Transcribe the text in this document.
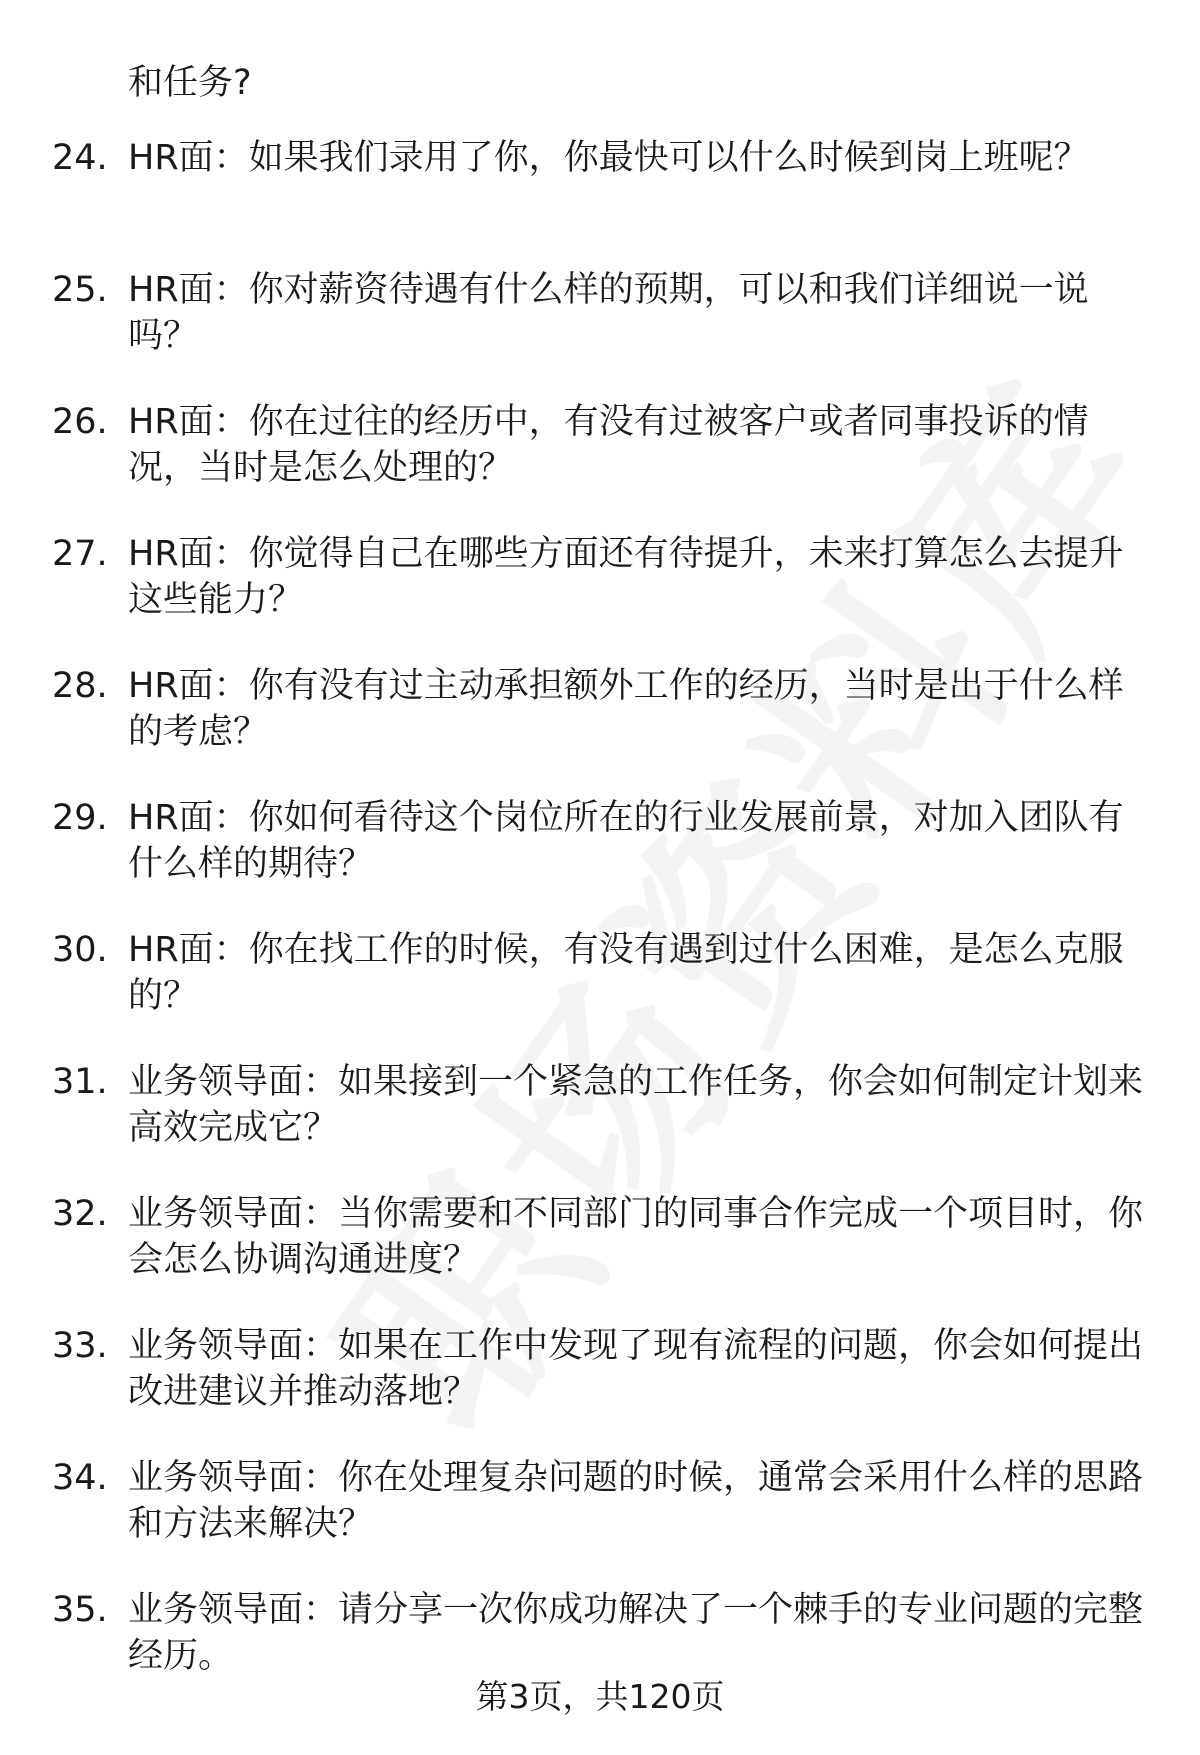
和任务?

24. HR面：如果我们录用了你，你最快可以什么时候到岗上班呢？
25. HR面：你对薪资待遇有什么样的预期，可以和我们详细说一说吗？
26. HR面：你在过往的经历中，有没有过被客户或者同事投诉的情况，当时是怎么处理的？
27. HR面：你觉得自己在哪些方面还有待提升，未来打算怎么去提升这些能力？
28. HR面：你有没有过主动承担额外工作的经历，当时是出于什么样的考虑？
29. HR面：你如何看待这个岗位所在的行业发展前景，对加入团队有什么样的期待？
30. HR面：你在找工作的时候，有没有遇到过什么困难，是怎么克服的？
31. 业务领导面：如果接到一个紧急的工作任务，你会如何制定计划来高效完成它？
32. 业务领导面：当你需要和不同部门的同事合作完成一个项目时，你会怎么协调沟通进度？
33. 业务领导面：如果在工作中发现了现有流程的问题，你会如何提出改进建议并推动落地？
34. 业务领导面：你在处理复杂问题的时候，通常会采用什么样的思路和方法来解决？
35. 业务领导面：请分享一次你成功解决了一个棘手的专业问题的完整经历。
第3页，共120页
